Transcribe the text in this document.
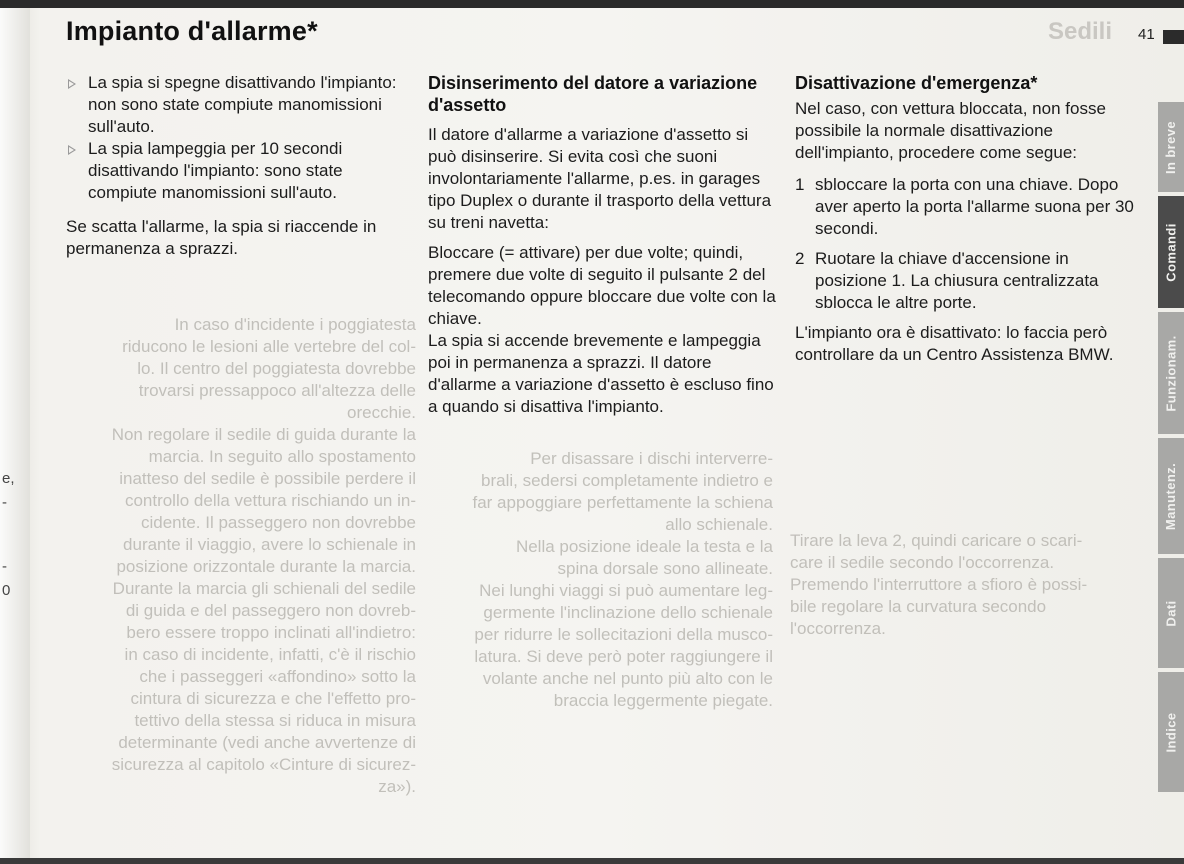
e,
-
-
0
In caso d'incidente i poggiatesta
riducono le lesioni alle vertebre del col-
lo. Il centro del poggiatesta dovrebbe
trovarsi pressappoco all'altezza delle
orecchie.
Non regolare il sedile di guida durante la
marcia. In seguito allo spostamento
inatteso del sedile è possibile perdere il
controllo della vettura rischiando un in-
cidente. Il passeggero non dovrebbe
durante il viaggio, avere lo schienale in
posizione orizzontale durante la marcia.
Durante la marcia gli schienali del sedile
di guida e del passeggero non dovreb-
bero essere troppo inclinati all'indietro:
in caso di incidente, infatti, c'è il rischio
che i passeggeri «affondino» sotto la
cintura di sicurezza e che l'effetto pro-
tettivo della stessa si riduca in misura
determinante (vedi anche avvertenze di
sicurezza al capitolo «Cinture di sicurez-
za»).
Per disassare i dischi interverre-
brali, sedersi completamente indietro e
far appoggiare perfettamente la schiena
allo schienale.
Nella posizione ideale la testa e la
spina dorsale sono allineate.
Nei lunghi viaggi si può aumentare leg-
germente l'inclinazione dello schienale
per ridurre le sollecitazioni della musco-
latura. Si deve però poter raggiungere il
volante anche nel punto più alto con le
braccia leggermente piegate.
Tirare la leva 2, quindi caricare o scari-
care il sedile secondo l'occorrenza.
Premendo l'interruttore a sfioro è possi-
bile regolare la curvatura secondo
l'occorrenza.
Impianto d'allarme*	Sedili 41
La spia si spegne disattivando l'impianto: non sono state compiute manomissioni sull'auto.
La spia lampeggia per 10 secondi disattivando l'impianto: sono state compiute manomissioni sull'auto.

Se scatta l'allarme, la spia si riaccende in permanenza a sprazzi.

Disinserimento del datore a variazione d'assetto

Il datore d'allarme a variazione d'assetto si può disinserire. Si evita così che suoni involontariamente l'allarme, p.es. in garages tipo Duplex o durante il trasporto della vettura su treni navetta:

Bloccare (= attivare) per due volte; quindi, premere due volte di seguito il pulsante 2 del telecomando oppure bloccare due volte con la chiave.

La spia si accende brevemente e lampeggia poi in permanenza a sprazzi. Il datore d'allarme a variazione d'assetto è escluso fino a quando si disattiva l'impianto.

Disattivazione d'emergenza*

Nel caso, con vettura bloccata, non fosse possibile la normale disattivazione dell'impianto, procedere come segue:

1 sbloccare la porta con una chiave. Dopo aver aperto la porta l'allarme suona per 30 secondi.
2 Ruotare la chiave d'accensione in posizione 1. La chiusura centralizzata sblocca le altre porte.

L'impianto ora è disattivato: lo faccia però controllare da un Centro Assistenza BMW.

In breve
Comandi
Funzionam.
Manutenz.
Dati
Indice
